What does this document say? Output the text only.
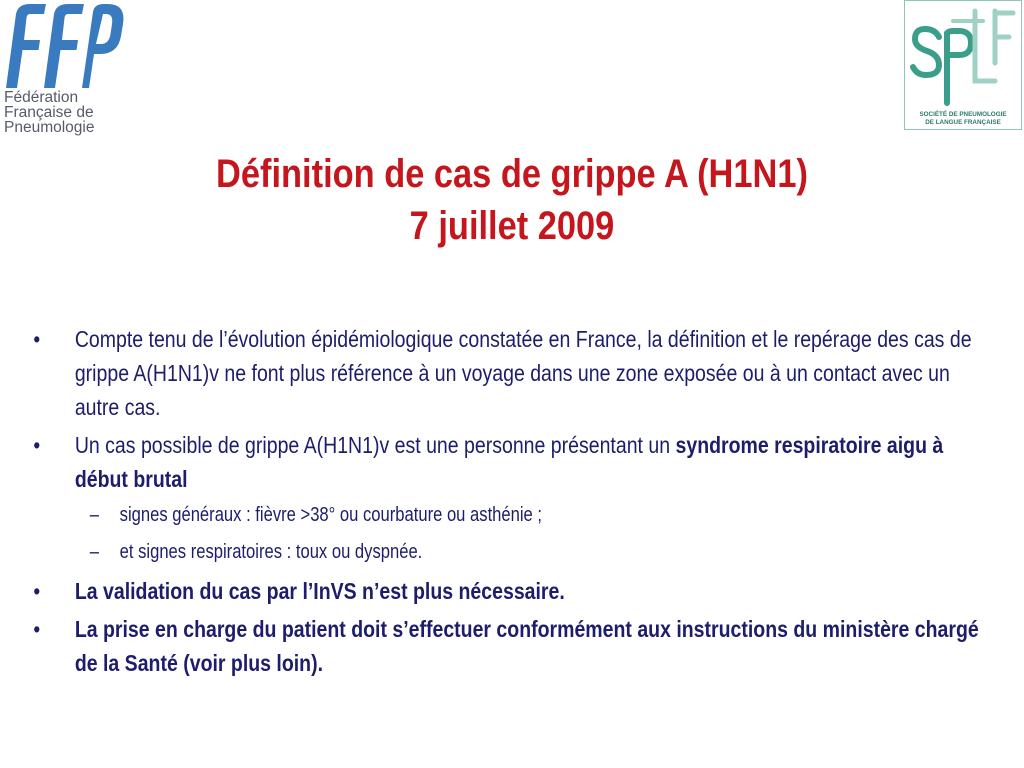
Fédération
Française de
Pneumologie
SOCIÉTÉ DE PNEUMOLOGIE
DE LANGUE FRANÇAISE
Définition de cas de grippe A (H1N1)
7 juillet 2009
•	Compte tenu de l’évolution épidémiologique constatée en France, la définition et le repérage des cas de grippe A(H1N1)v ne font plus référence à un voyage dans une zone exposée ou à un contact avec un autre cas.
•	Un cas possible de grippe A(H1N1)v est une personne présentant un syndrome respiratoire aigu à début brutal
– signes généraux : fièvre >38° ou courbature ou asthénie ;
– et signes respiratoires : toux ou dyspnée.
•	La validation du cas par l’InVS n’est plus nécessaire.
•	La prise en charge du patient doit s’effectuer conformément aux instructions du ministère chargé de la Santé (voir plus loin).
